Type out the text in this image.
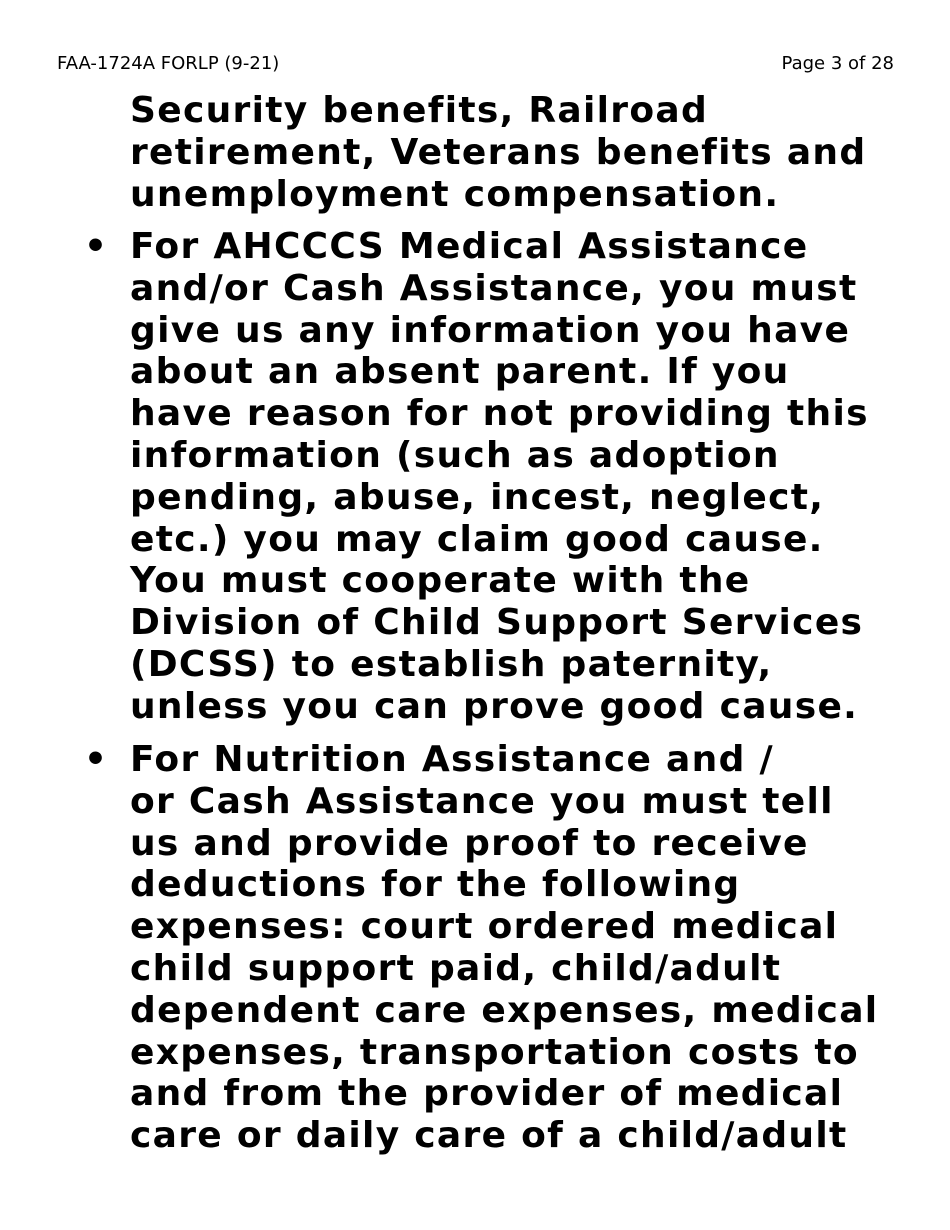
FAA-1724A FORLP (9-21)	Page 3 of 28
Security benefits, Railroad
retirement, Veterans benefits and
unemployment compensation.
• For AHCCCS Medical Assistance
and/or Cash Assistance, you must
give us any information you have
about an absent parent. If you
have reason for not providing this
information (such as adoption
pending, abuse, incest, neglect,
etc.) you may claim good cause.
You must cooperate with the
Division of Child Support Services
(DCSS) to establish paternity,
unless you can prove good cause.
• For Nutrition Assistance and /
or Cash Assistance you must tell
us and provide proof to receive
deductions for the following
expenses: court ordered medical
child support paid, child/adult
dependent care expenses, medical
expenses, transportation costs to
and from the provider of medical
care or daily care of a child/adult
